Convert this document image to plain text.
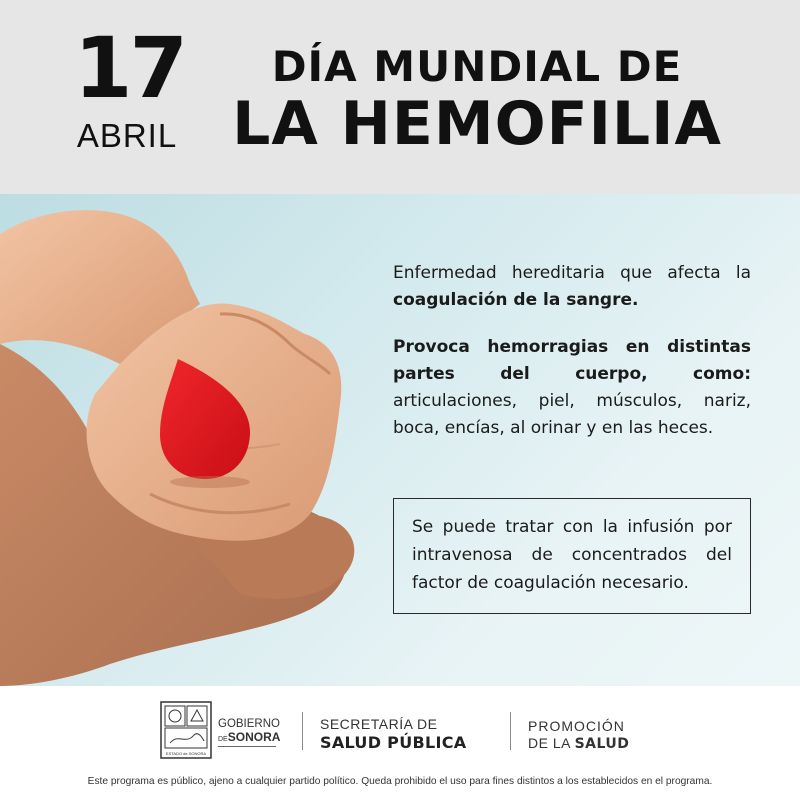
17
ABRIL
DÍA MUNDIAL DE
LA HEMOFILIA

Enfermedad hereditaria que afecta la coagulación de la sangre.

Provoca hemorragias en distintas partes del cuerpo, como: articulaciones, piel, músculos, nariz, boca, encías, al orinar y en las heces.

Se puede tratar con la infusión por intravenosa de concentrados del factor de coagulación necesario.

ESTADO de SONORA
GOBIERNO
DESONORA
SECRETARÍA DE
SALUD PÚBLICA
PROMOCIÓN
DE LA SALUD
Este programa es público, ajeno a cualquier partido político. Queda prohibido el uso para fines distintos a los establecidos en el programa.
